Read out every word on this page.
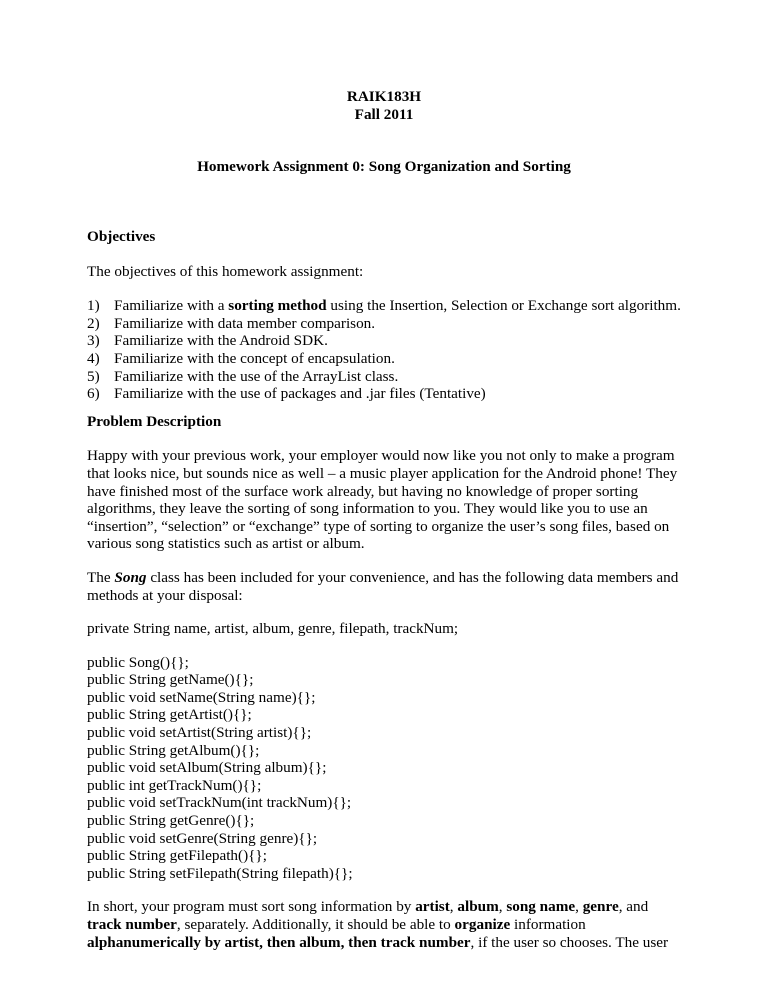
RAIK183H
Fall 2011
Homework Assignment 0: Song Organization and Sorting
Objectives

The objectives of this homework assignment:

1) Familiarize with a sorting method using the Insertion, Selection or Exchange sort algorithm.
2) Familiarize with data member comparison.
3) Familiarize with the Android SDK.
4) Familiarize with the concept of encapsulation.
5) Familiarize with the use of the ArrayList class.
6) Familiarize with the use of packages and .jar files (Tentative)
Problem Description
Happy with your previous work, your employer would now like you not only to make a program
that looks nice, but sounds nice as well – a music player application for the Android phone! They
have finished most of the surface work already, but having no knowledge of proper sorting
algorithms, they leave the sorting of song information to you. They would like you to use an
“insertion”, “selection” or “exchange” type of sorting to organize the user’s song files, based on
various song statistics such as artist or album.
The Song class has been included for your convenience, and has the following data members and
methods at your disposal:
private String name, artist, album, genre, filepath, trackNum;
public Song(){};
public String getName(){};
public void setName(String name){};
public String getArtist(){};
public void setArtist(String artist){};
public String getAlbum(){};
public void setAlbum(String album){};
public int getTrackNum(){};
public void setTrackNum(int trackNum){};
public String getGenre(){};
public void setGenre(String genre){};
public String getFilepath(){};
public String setFilepath(String filepath){};
In short, your program must sort song information by artist, album, song name, genre, and
track number, separately. Additionally, it should be able to organize information
alphanumerically by artist, then album, then track number, if the user so chooses. The user
